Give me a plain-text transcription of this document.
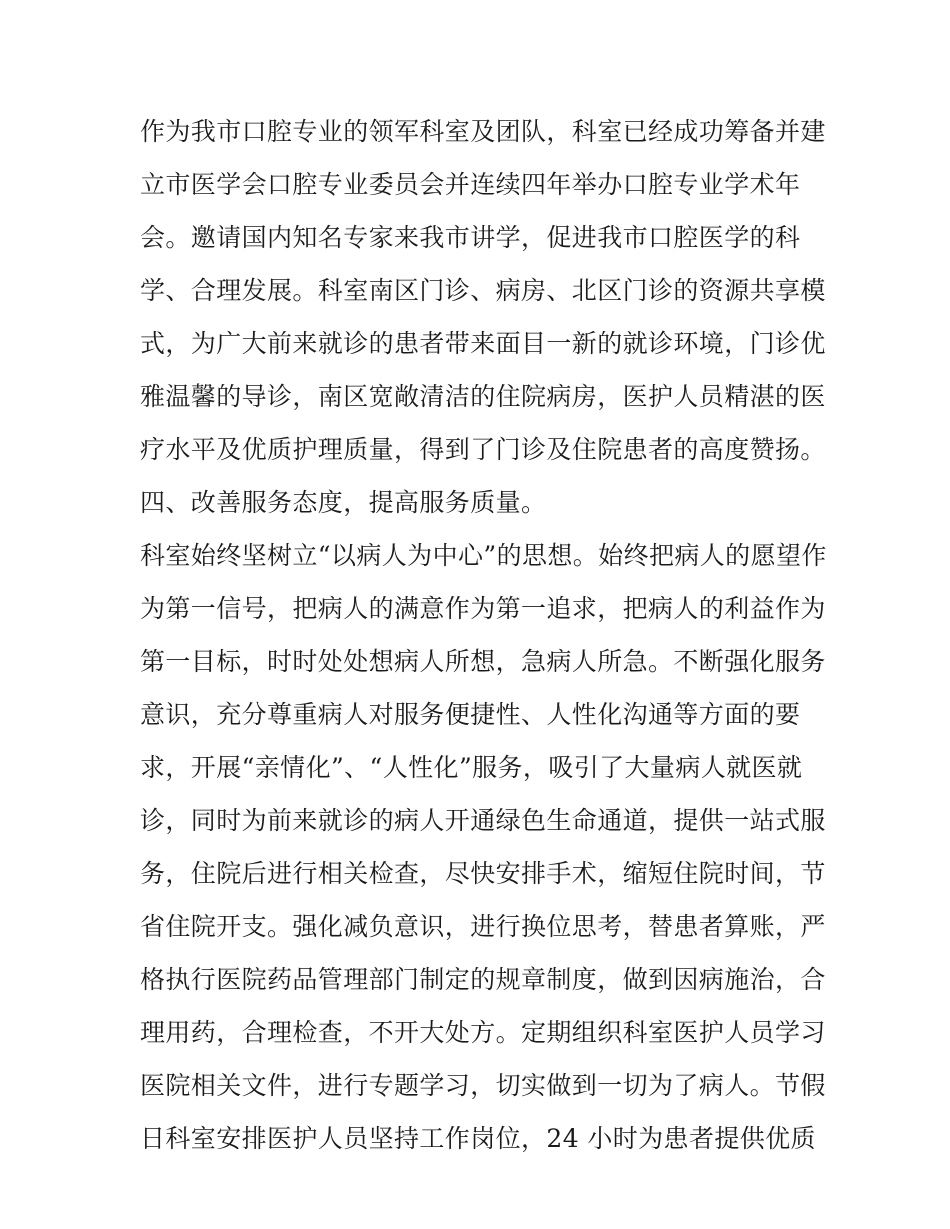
作为我市口腔专业的领军科室及团队，科室已经成功筹备并建
立市医学会口腔专业委员会并连续四年举办口腔专业学术年
会。邀请国内知名专家来我市讲学，促进我市口腔医学的科
学、合理发展。科室南区门诊、病房、北区门诊的资源共享模
式，为广大前来就诊的患者带来面目一新的就诊环境，门诊优
雅温馨的导诊，南区宽敞清洁的住院病房，医护人员精湛的医
疗水平及优质护理质量，得到了门诊及住院患者的高度赞扬。
四、改善服务态度，提高服务质量。
科室始终坚树立“以病人为中心”的思想。始终把病人的愿望作
为第一信号，把病人的满意作为第一追求，把病人的利益作为
第一目标，时时处处想病人所想，急病人所急。不断强化服务
意识，充分尊重病人对服务便捷性、人性化沟通等方面的要
求，开展“亲情化”、“人性化”服务，吸引了大量病人就医就
诊，同时为前来就诊的病人开通绿色生命通道，提供一站式服
务，住院后进行相关检查，尽快安排手术，缩短住院时间，节
省住院开支。强化减负意识，进行换位思考，替患者算账，严
格执行医院药品管理部门制定的规章制度，做到因病施治，合
理用药，合理检查，不开大处方。定期组织科室医护人员学习
医院相关文件，进行专题学习，切实做到一切为了病人。节假
日科室安排医护人员坚持工作岗位，24 小时为患者提供优质
